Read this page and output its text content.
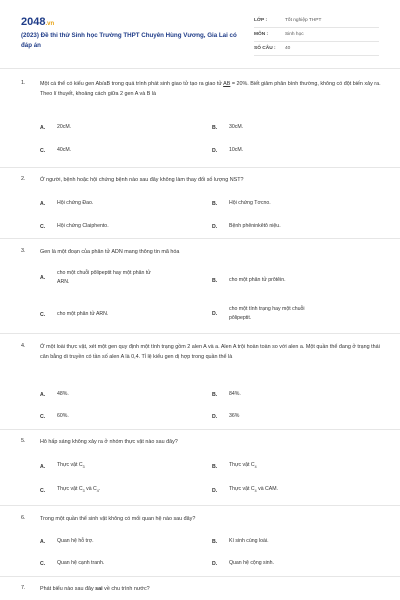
2048.vn
(2023) Đề thi thử Sinh học Trường THPT Chuyên Hùng Vương, Gia Lai có đáp án
LỚP :	Tốt nghiệp THPT
MÔN :	Sinh học
SỐ CÂU :	40
1.	Một cá thể có kiểu gen Ab/aB trong quá trình phát sinh giao tử tạo ra giao tử AB = 20%. Biết giảm phân bình thường, không có đột biến xảy ra. Theo lí thuyết, khoảng cách giữa 2 gen A và B là
A.	20cM.	B.	30cM.
C.	40cM.	D.	10cM.
2.	Ở người, bệnh hoặc hội chứng bệnh nào sau đây không làm thay đổi số lượng NST?
A.	Hội chứng Đao.	B.	Hội chứng Tơcno.
C.	Hội chứng Claiphento.	D.	Bệnh phêninkêtô niệu.
3.	Gen là một đoạn của phân tử ADN mang thông tin mã hóa
A.
cho một chuỗi pôlipeptit hay một phân tử
ARN.	B.	cho một phân tử prôtêin.
C.	cho một phân tử ARN.	D.
cho một tính trạng hay một chuỗi
pôlipeptit.
4.	Ở một loài thực vật, xét một gen quy định một tính trạng gồm 2 alen A và a. Alen A trội hoàn toàn so với alen a. Một quần thể đang ở trạng thái cân bằng di truyền có tần số alen A là 0,4. Tỉ lệ kiểu gen dị hợp trong quần thể là
A.	48%.	B.	84%.
C.	60%.	D.	36%
5.	Hô hấp sáng không xảy ra ở nhóm thực vật nào sau đây?
A.	Thực vật $C_3$	B.	Thực vật $C_4$
C.	Thực vật $C_3$ và $C_4$.	D.	Thực vật $C_4$ và CAM.
6.	Trong một quần thể sinh vật không có mối quan hệ nào sau đây?
A.	Quan hệ hỗ trợ.	B.	Kí sinh cùng loài.
C.	Quan hệ cạnh tranh.	D.	Quan hệ cộng sinh.
7.	Phát biểu nào sau đây sai về chu trình nước?
